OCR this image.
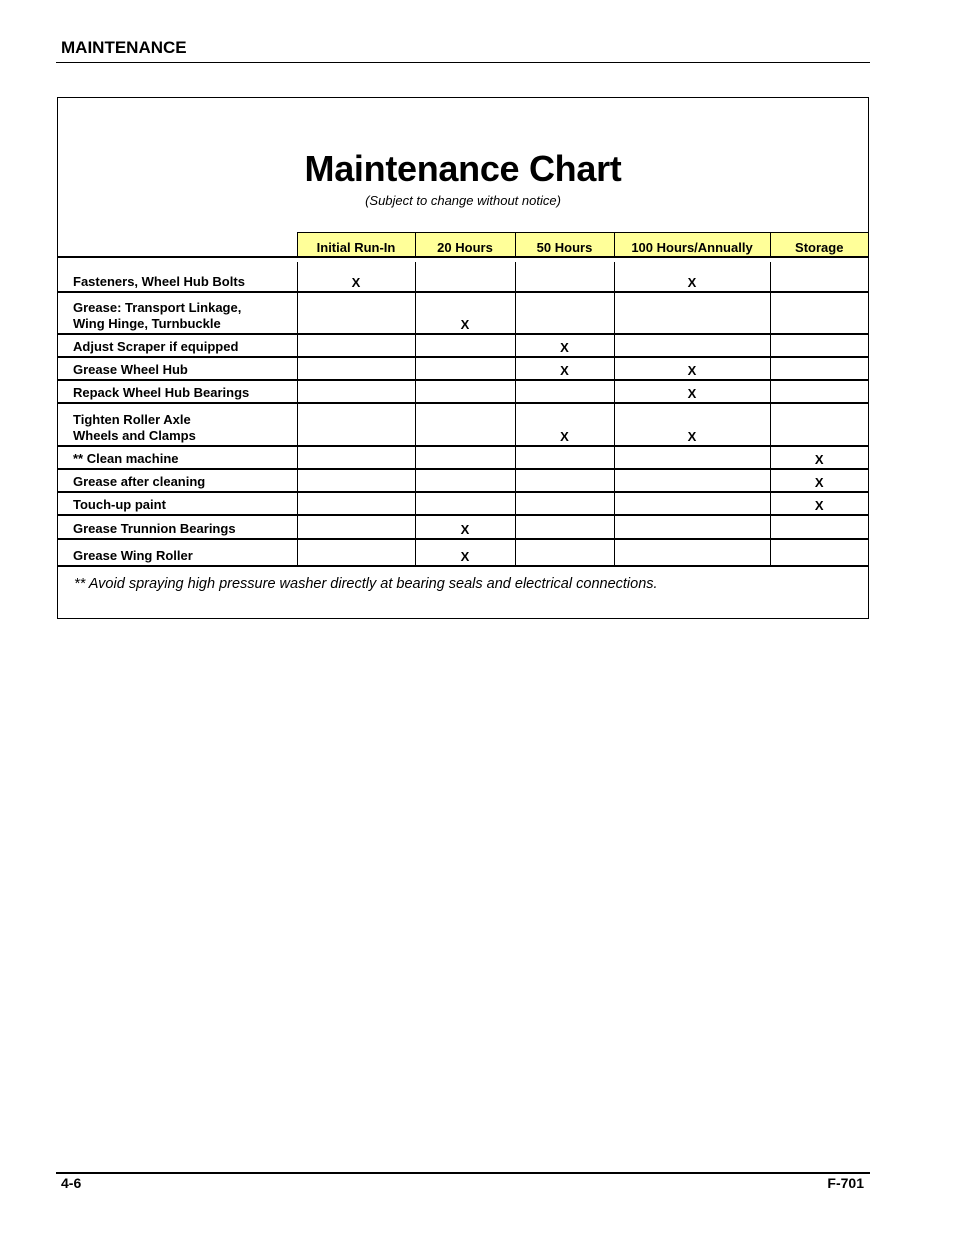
MAINTENANCE
Maintenance Chart
(Subject to change without notice)
	Initial Run-In	20 Hours	50 Hours	100 Hours/Annually	Storage

Fasteners, Wheel Hub Bolts	X			X	

Grease: Transport Linkage,
Wing Hinge, Turnbuckle		X			

Adjust Scraper if equipped			X		

Grease Wheel Hub			X	X	

Repack Wheel Hub Bearings				X	

Tighten Roller Axle
Wheels and Clamps			X	X	

** Clean machine					X

Grease after cleaning					X

Touch-up paint					X

Grease Trunnion Bearings		X			

Grease Wing Roller		X			
** Avoid spraying high pressure washer directly at bearing seals and electrical connections.
4-6	F-701
